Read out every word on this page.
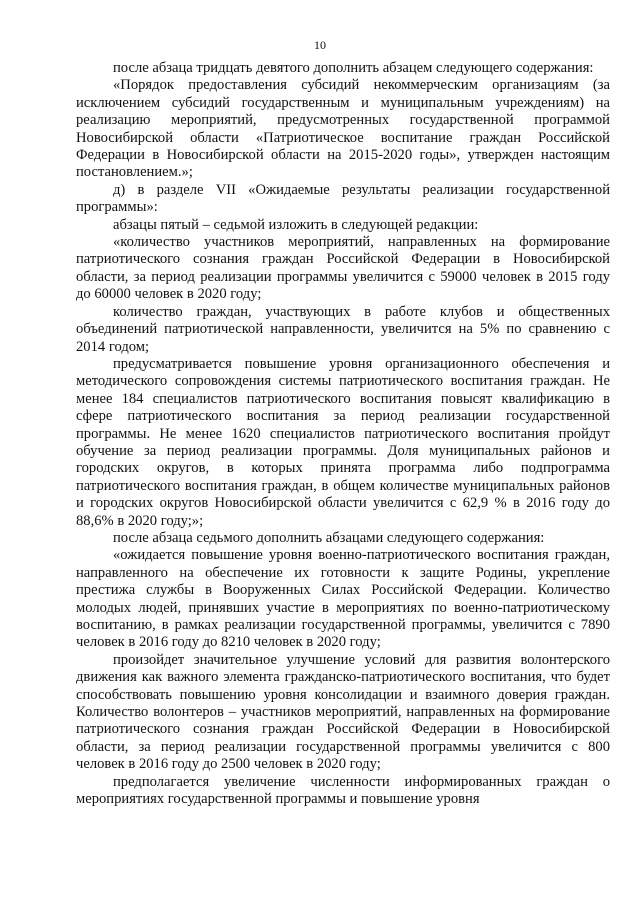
10

после абзаца тридцать девятого дополнить абзацем следующего содержания:

«Порядок предоставления субсидий некоммерческим организациям (за исключением субсидий государственным и муниципальным учреждениям) на реализацию мероприятий, предусмотренных государственной программой Новосибирской области «Патриотическое воспитание граждан Российской Федерации в Новосибирской области на 2015-2020 годы», утвержден настоящим постановлением.»;

д) в разделе VII «Ожидаемые результаты реализации государственной программы»:

абзацы пятый – седьмой изложить в следующей редакции:

«количество участников мероприятий, направленных на формирование патриотического сознания граждан Российской Федерации в Новосибирской области, за период реализации программы увеличится с 59000 человек в 2015 году до 60000 человек в 2020 году;

количество граждан, участвующих в работе клубов и общественных объединений патриотической направленности, увеличится на 5% по сравнению с 2014 годом;

предусматривается повышение уровня организационного обеспечения и методического сопровождения системы патриотического воспитания граждан. Не менее 184 специалистов патриотического воспитания повысят квалификацию в сфере патриотического воспитания за период реализации государственной программы. Не менее 1620 специалистов патриотического воспитания пройдут обучение за период реализации программы. Доля муниципальных районов и городских округов, в которых принята программа либо подпрограмма патриотического воспитания граждан, в общем количестве муниципальных районов и городских округов Новосибирской области увеличится с 62,9 % в 2016 году до 88,6% в 2020 году;»;

после абзаца седьмого дополнить абзацами следующего содержания:

«ожидается повышение уровня военно-патриотического воспитания граждан, направленного на обеспечение их готовности к защите Родины, укрепление престижа службы в Вооруженных Силах Российской Федерации. Количество молодых людей, принявших участие в мероприятиях по военно-патриотическому воспитанию, в рамках реализации государственной программы, увеличится с 7890 человек в 2016 году до 8210 человек в 2020 году;

произойдет значительное улучшение условий для развития волонтерского движения как важного элемента гражданско-патриотического воспитания, что будет способствовать повышению уровня консолидации и взаимного доверия граждан. Количество волонтеров – участников мероприятий, направленных на формирование патриотического сознания граждан Российской Федерации в Новосибирской области, за период реализации государственной программы увеличится с 800 человек в 2016 году до 2500 человек в 2020 году;

предполагается увеличение численности информированных граждан о мероприятиях государственной программы и повышение уровня
